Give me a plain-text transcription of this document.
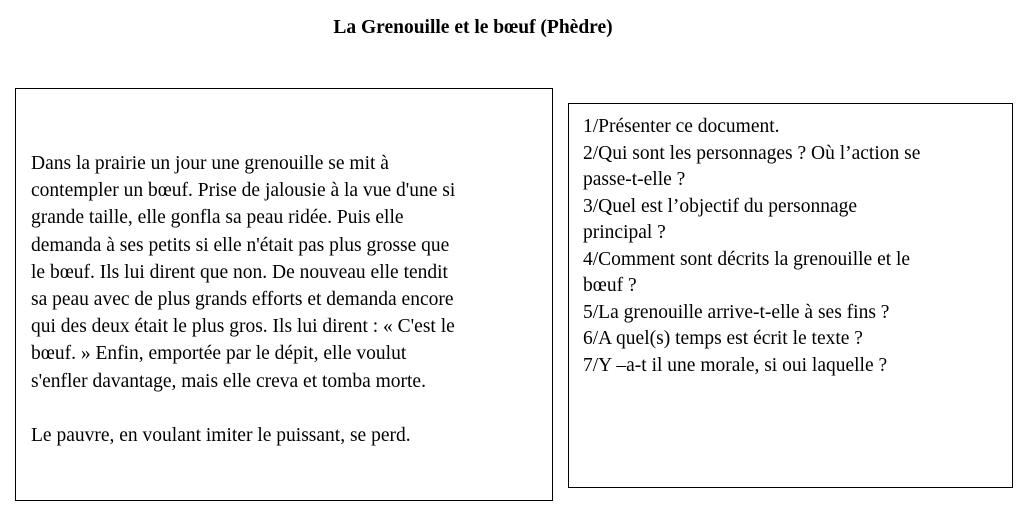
La Grenouille et le bœuf (Phèdre)

Dans la prairie un jour une grenouille se mit à
contempler un bœuf. Prise de jalousie à la vue d'une si
grande taille, elle gonfla sa peau ridée. Puis elle
demanda à ses petits si elle n'était pas plus grosse que
le bœuf. Ils lui dirent que non. De nouveau elle tendit
sa peau avec de plus grands efforts et demanda encore
qui des deux était le plus gros. Ils lui dirent : « C'est le
bœuf. » Enfin, emportée par le dépit, elle voulut
s'enfler davantage, mais elle creva et tomba morte.

Le pauvre, en voulant imiter le puissant, se perd.

1/Présenter ce document.
2/Qui sont les personnages ? Où l’action se
passe-t-elle ?
3/Quel est l’objectif du personnage
principal ?
4/Comment sont décrits la grenouille et le
bœuf ?
5/La grenouille arrive-t-elle à ses fins ?
6/A quel(s) temps est écrit le texte ?
7/Y –a-t il une morale, si oui laquelle ?
